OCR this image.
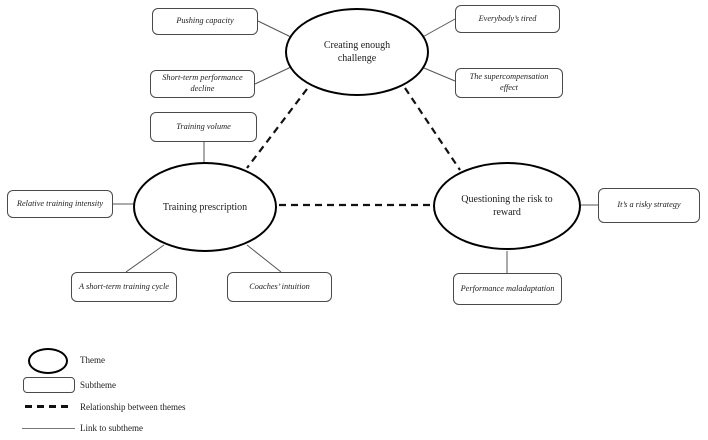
Creating enough challenge
Training prescription
Questioning the risk to reward
Pushing capacity
Short-term performance decline
Everybody’s tired
The supercompensation effect
Training volume
Relative training intensity
A short-term training cycle	Coaches’ intuition
It’s a risky strategy
Performance maladaptation
Theme
Subtheme
Relationship between themes
Link to subtheme
